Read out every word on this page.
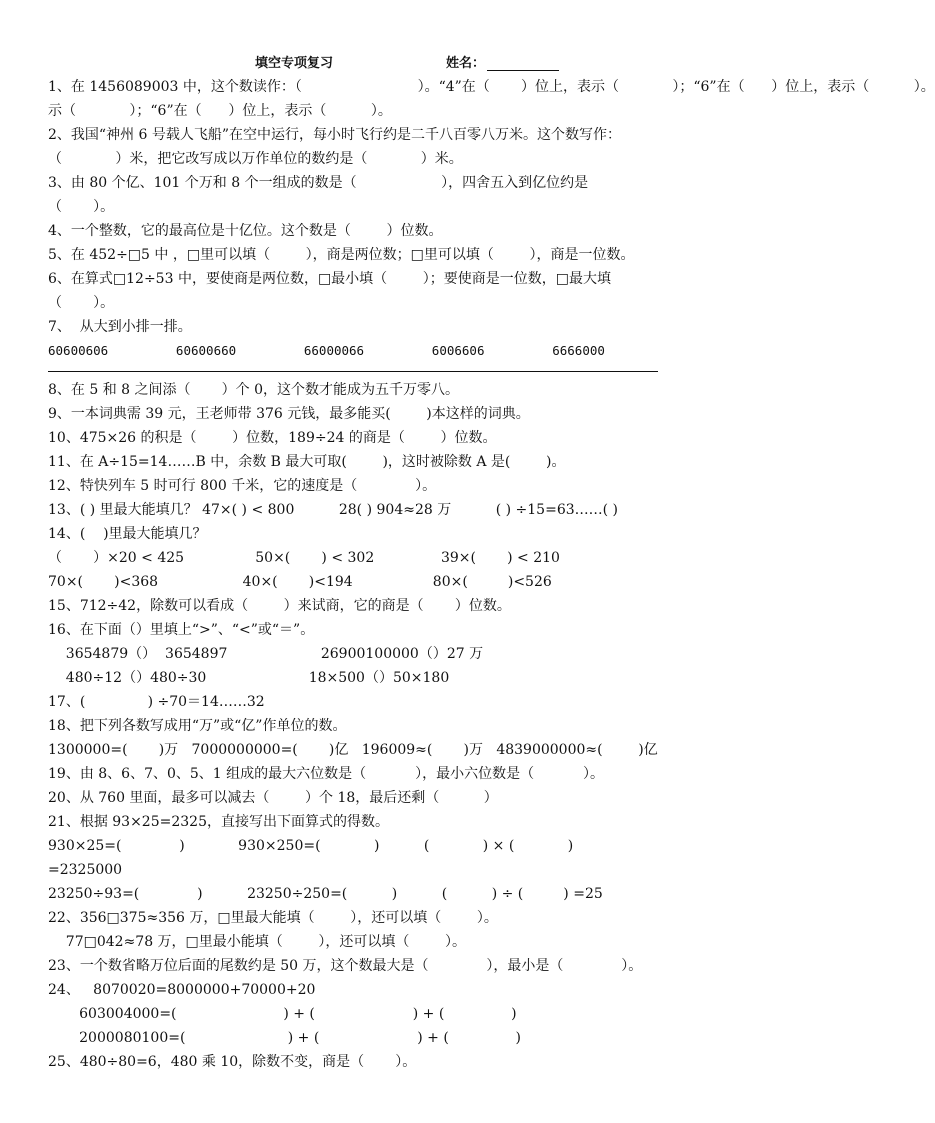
填空专项复习	姓名：
1、在 1456089003 中，这个数读作：（                          ）。“4”在（       ）位上，表示（            ）；“6”在（      ）位上，表示（          ）。
示（            ）；“6”在（      ）位上，表示（          ）。
2、我国“神州 6 号载人飞船”在空中运行，每小时飞行约是二千八百零八万米。这个数写作：
（            ）米，把它改写成以万作单位的数约是（            ）米。
3、由 80 个亿、101 个万和 8 个一组成的数是（                   ），四舍五入到亿位约是
（       ）。
4、一个整数，它的最高位是十亿位。这个数是（        ）位数。
5、在 452÷□5 中 ，□里可以填（        ），商是两位数；□里可以填（        ），商是一位数。
6、在算式□12÷53 中，要使商是两位数，□最小填（        ）；要使商是一位数，□最大填
（       ）。
7、  从大到小排一排。
60600606         60600660         66000066         6006606         6666000
8、在 5 和 8 之间添（       ）个 0，这个数才能成为五千万零八。
9、一本词典需 39 元，王老师带 376 元钱，最多能买(        )本这样的词典。
10、475×26 的积是（        ）位数，189÷24 的商是（        ）位数。
11、在 A÷15=14……B 中，余数 B 最大可取(        )，这时被除数 A 是(        )。
12、特快列车 5 时可行 800 千米，它的速度是（             ）。
13、( ) 里最大能填几？ 47×( ) < 800          28( ) 904≈28 万          ( ) ÷15=63……( )
14、(    )里最大能填几？
（       ）×20 < 425                50×(       ) < 302               39×(       ) < 210
70×(       )<368                   40×(       )<194                  80×(         )<526
15、712÷42，除数可以看成（        ）来试商，它的商是（       ）位数。
16、在下面（）里填上“>”、“<”或“＝”。
3654879（）  3654897                     26900100000（）27 万
480÷12（）480÷30                       18×500（）50×180
17、(              ) ÷70＝14……32
18、把下列各数写成用“万”或“亿”作单位的数。
1300000=(       )万   7000000000=(       )亿   196009≈(       )万   4839000000≈(        )亿
19、由 8、6、7、0、5、1 组成的最大六位数是（           ），最小六位数是（           ）。
20、从 760 里面，最多可以减去（        ）个 18，最后还剩（          ）
21、根据 93×25=2325，直接写出下面算式的得数。
930×25=(             )            930×250=(            )          (            ) × (            )
=2325000
23250÷93=(             )          23250÷250=(          )          (          ) ÷ (         ) =25
22、356□375≈356 万，□里最大能填（        ），还可以填（        ）。
77□042≈78 万，□里最小能填（        ），还可以填（        ）。
23、一个数省略万位后面的尾数约是 50 万，这个数最大是（             ），最小是（             ）。
24、   8070020=8000000+70000+20
603004000=(                        ) + (                      ) + (               )
2000080100=(                       ) + (                      ) + (               )
25、480÷80=6，480 乘 10，除数不变，商是（       ）。
